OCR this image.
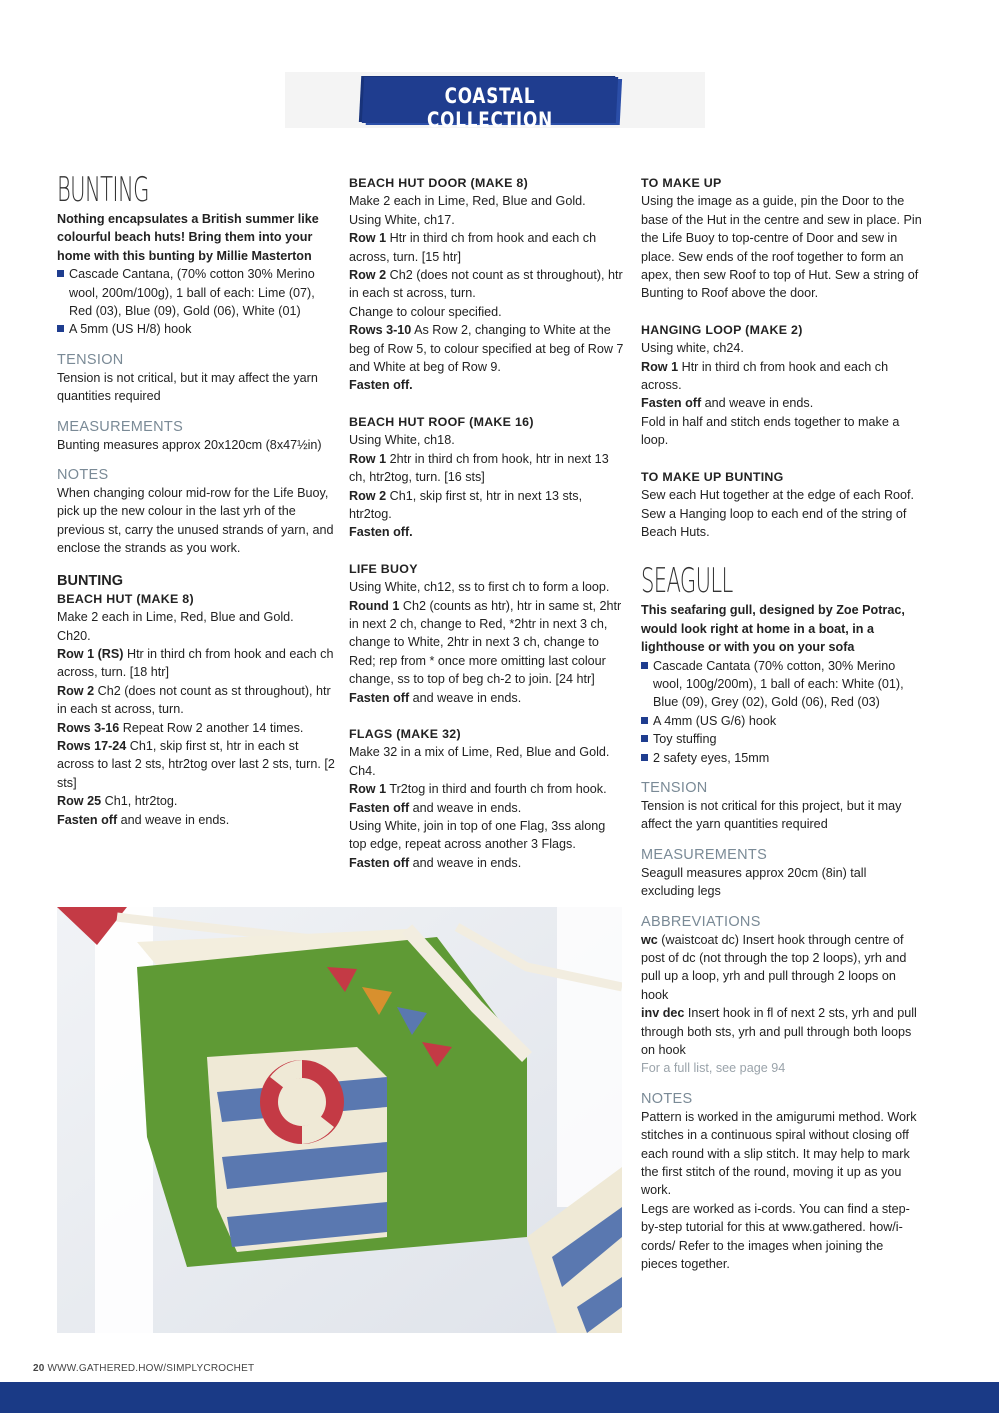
COASTAL COLLECTION
BUNTING
Nothing encapsulates a British summer like colourful beach huts! Bring them into your home with this bunting by Millie Masterton
Cascade Cantana, (70% cotton 30% Merino wool, 200m/100g), 1 ball of each: Lime (07), Red (03), Blue (09), Gold (06), White (01)
A 5mm (US H/8) hook
TENSION
Tension is not critical, but it may affect the yarn quantities required
MEASUREMENTS
Bunting measures approx 20x120cm (8x47½in)
NOTES
When changing colour mid-row for the Life Buoy, pick up the new colour in the last yrh of the previous st, carry the unused strands of yarn, and enclose the strands as you work.
BUNTING
BEACH HUT (MAKE 8)
Make 2 each in Lime, Red, Blue and Gold.
Ch20.
Row 1 (RS) Htr in third ch from hook and each ch across, turn. [18 htr]
Row 2 Ch2 (does not count as st throughout), htr in each st across, turn.
Rows 3-16 Repeat Row 2 another 14 times.
Rows 17-24 Ch1, skip first st, htr in each st across to last 2 sts, htr2tog over last 2 sts, turn. [2 sts]
Row 25 Ch1, htr2tog.
Fasten off and weave in ends.
BEACH HUT DOOR (MAKE 8)
Make 2 each in Lime, Red, Blue and Gold.
Using White, ch17.
Row 1 Htr in third ch from hook and each ch across, turn. [15 htr]
Row 2 Ch2 (does not count as st throughout), htr in each st across, turn.
Change to colour specified.
Rows 3-10 As Row 2, changing to White at the beg of Row 5, to colour specified at beg of Row 7 and White at beg of Row 9.
Fasten off.
BEACH HUT ROOF (MAKE 16)
Using White, ch18.
Row 1 2htr in third ch from hook, htr in next 13 ch, htr2tog, turn. [16 sts]
Row 2 Ch1, skip first st, htr in next 13 sts, htr2tog.
Fasten off.
LIFE BUOY
Using White, ch12, ss to first ch to form a loop.
Round 1 Ch2 (counts as htr), htr in same st, 2htr in next 2 ch, change to Red, *2htr in next 3 ch, change to White, 2htr in next 3 ch, change to Red; rep from * once more omitting last colour change, ss to top of beg ch-2 to join. [24 htr]
Fasten off and weave in ends.
FLAGS (MAKE 32)
Make 32 in a mix of Lime, Red, Blue and Gold.
Ch4.
Row 1 Tr2tog in third and fourth ch from hook.
Fasten off and weave in ends.
Using White, join in top of one Flag, 3ss along top edge, repeat across another 3 Flags.
Fasten off and weave in ends.
TO MAKE UP
Using the image as a guide, pin the Door to the base of the Hut in the centre and sew in place. Pin the Life Buoy to top-centre of Door and sew in place. Sew ends of the roof together to form an apex, then sew Roof to top of Hut. Sew a string of Bunting to Roof above the door.
HANGING LOOP (MAKE 2)
Using white, ch24.
Row 1 Htr in third ch from hook and each ch across.
Fasten off and weave in ends.
Fold in half and stitch ends together to make a loop.
TO MAKE UP BUNTING
Sew each Hut together at the edge of each Roof.
Sew a Hanging loop to each end of the string of Beach Huts.
SEAGULL
This seafaring gull, designed by Zoe Potrac, would look right at home in a boat, in a lighthouse or with you on your sofa
Cascade Cantata (70% cotton, 30% Merino wool, 100g/200m), 1 ball of each: White (01), Blue (09), Grey (02), Gold (06), Red (03)
A 4mm (US G/6) hook
Toy stuffing
2 safety eyes, 15mm
TENSION
Tension is not critical for this project, but it may affect the yarn quantities required
MEASUREMENTS
Seagull measures approx 20cm (8in) tall excluding legs
ABBREVIATIONS
wc (waistcoat dc) Insert hook through centre of post of dc (not through the top 2 loops), yrh and pull up a loop, yrh and pull through 2 loops on hook
inv dec Insert hook in fl of next 2 sts, yrh and pull through both sts, yrh and pull through both loops on hook
For a full list, see page 94
NOTES
Pattern is worked in the amigurumi method. Work stitches in a continuous spiral without closing off each round with a slip stitch. It may help to mark the first stitch of the round, moving it up as you work.
Legs are worked as i-cords. You can find a step-by-step tutorial for this at www.gathered. how/i-cords/ Refer to the images when joining the pieces together.
20 WWW.GATHERED.HOW/SIMPLYCROCHET
